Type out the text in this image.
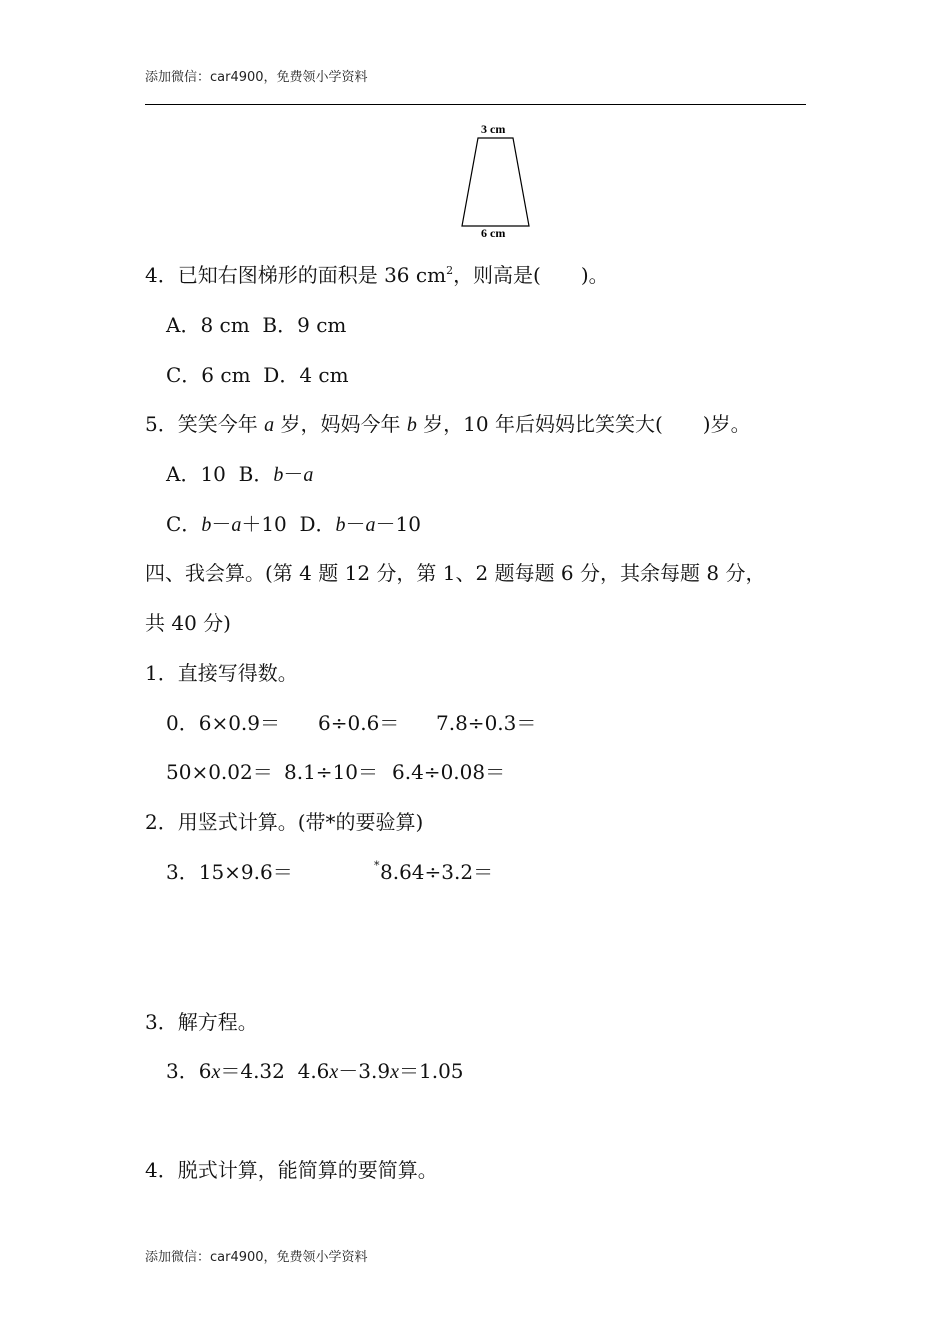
添加微信：car4900，免费领小学资料
3 cm
6 cm
4．已知右图梯形的面积是 36 $cm^2$，则高是(　　)。
A．8 cm B．9 cm
C．6 cm D．4 cm
5．笑笑今年 a 岁，妈妈今年 b 岁，10 年后妈妈比笑笑大(　　)岁。
A．10 B．b－a
C．b－a＋10 D．b－a－10
四、我会算。(第 4 题 12 分，第 1、2 题每题 6 分，其余每题 8 分，
共 40 分)
1．直接写得数。
0．6×0.9＝ 6÷0.6＝ 7.8÷0.3＝
50×0.02＝ 8.1÷10＝ 6.4÷0.08＝
2．用竖式计算。(带*的要验算)
3．15×9.6＝	* 8.64÷3.2＝
3．解方程。
3．6x＝4.32 4.6x－3.9x＝1.05
4．脱式计算，能简算的要简算。
添加微信：car4900，免费领小学资料
